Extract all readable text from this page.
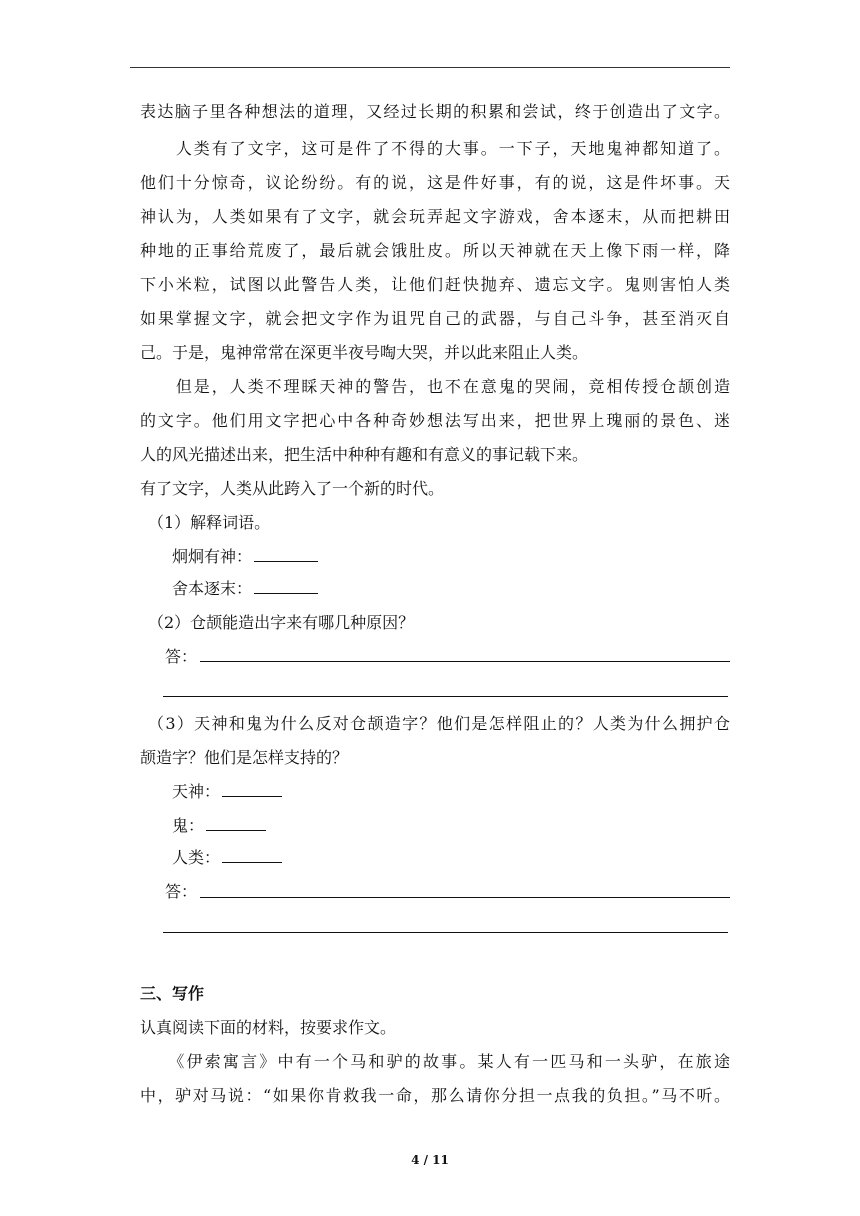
表达脑子里各种想法的道理，又经过长期的积累和尝试，终于创造出了文字。
　　人类有了文字，这可是件了不得的大事。一下子，天地鬼神都知道了。
他们十分惊奇，议论纷纷。有的说，这是件好事，有的说，这是件坏事。天
神认为，人类如果有了文字，就会玩弄起文字游戏，舍本逐末，从而把耕田
种地的正事给荒废了，最后就会饿肚皮。所以天神就在天上像下雨一样，降
下小米粒，试图以此警告人类，让他们赶快抛弃、遗忘文字。鬼则害怕人类
如果掌握文字，就会把文字作为诅咒自己的武器，与自己斗争，甚至消灭自
己。于是，鬼神常常在深更半夜号啕大哭，并以此来阻止人类。
　　但是，人类不理睬天神的警告，也不在意鬼的哭闹，竞相传授仓颉创造
的文字。他们用文字把心中各种奇妙想法写出来，把世界上瑰丽的景色、迷
人的风光描述出来，把生活中种种有趣和有意义的事记载下来。
有了文字，人类从此跨入了一个新的时代。
（1）解释词语。
炯炯有神：
舍本逐末：
（2）仓颉能造出字来有哪几种原因？
答：
（3）天神和鬼为什么反对仓颉造字？他们是怎样阻止的？人类为什么拥护仓
颉造字？他们是怎样支持的？
天神：
鬼：
人类：
答：
三、写作
认真阅读下面的材料，按要求作文。
　　《伊索寓言》中有一个马和驴的故事。某人有一匹马和一头驴，在旅途
中，驴对马说：“如果你肯救我一命，那么请你分担一点我的负担。”马不听。
4 / 11
